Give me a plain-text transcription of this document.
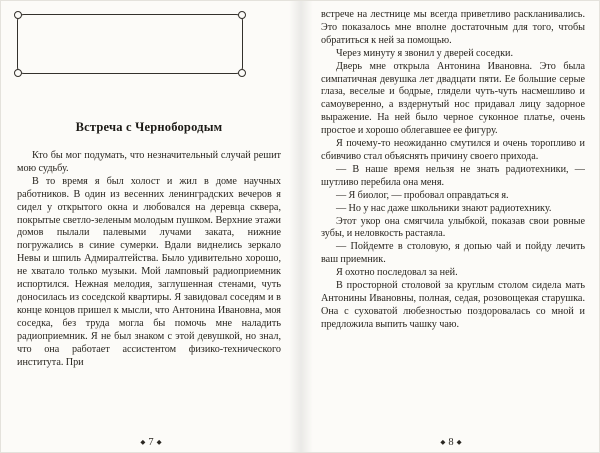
Встреча с Чернобородым

Кто бы мог подумать, что незначительный случай решит мою судьбу.

В то время я был холост и жил в доме научных работников. В один из весенних ленинградских вечеров я сидел у открытого окна и любовался на деревца сквера, покрытые светло-зеленым молодым пушком. Верхние этажи домов пылали палевыми лучами заката, нижние погружались в синие сумерки. Вдали виднелись зеркало Невы и шпиль Адмиралтейства. Было удивительно хорошо, не хватало только музыки. Мой ламповый радиоприемник испортился. Нежная мелодия, заглушенная стенами, чуть доносилась из соседской квартиры. Я завидовал соседям и в конце концов пришел к мысли, что Антонина Ивановна, моя соседка, без труда могла бы помочь мне наладить радиоприемник. Я не был знаком с этой девушкой, но знал, что она работает ассистентом физико-технического института. При

◆ 7 ◆

встрече на лестнице мы всегда приветливо раскланивались. Это показалось мне вполне достаточным для того, чтобы обратиться к ней за помощью.

Через минуту я звонил у дверей соседки.

Дверь мне открыла Антонина Ивановна. Это была симпатичная девушка лет двадцати пяти. Ее большие серые глаза, веселые и бодрые, глядели чуть-чуть насмешливо и самоуверенно, а вздернутый нос придавал лицу задорное выражение. На ней было черное суконное платье, очень простое и хорошо облегавшее ее фигуру.

Я почему-то неожиданно смутился и очень торопливо и сбивчиво стал объяснять причину своего прихода.

— В наше время нельзя не знать радиотехники, — шутливо перебила она меня.

— Я биолог, — пробовал оправдаться я.

— Но у нас даже школьники знают радиотехнику.

Этот укор она смягчила улыбкой, показав свои ровные зубы, и неловкость растаяла.

— Пойдемте в столовую, я допью чай и пойду лечить ваш приемник.

Я охотно последовал за ней.

В просторной столовой за круглым столом сидела мать Антонины Ивановны, полная, седая, розовощекая старушка. Она с суховатой любезностью поздоровалась со мной и предложила выпить чашку чаю.

◆ 8 ◆
